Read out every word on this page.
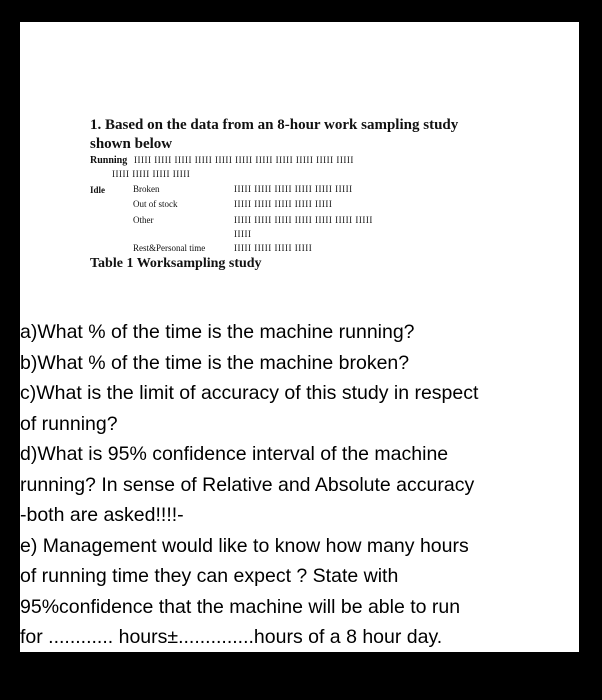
1. Based on the data from an 8-hour work sampling study
shown below
Running IIIII IIIII IIIII IIIII IIIII IIIII IIIII IIIII IIIII IIIII IIIII
IIIII IIIII IIIII IIIII
Idle	Broken
Out of stock
Other
Rest&Personal time
IIIII IIIII IIIII IIIII IIIII IIIII
IIIII IIIII IIIII IIIII IIIII
IIIII IIIII IIIII IIIII IIIII IIIII IIIII
IIIII
IIIII IIIII IIIII IIIII
Table 1 Worksampling study
a)What % of the time is the machine running?
b)What % of the time is the machine broken?
c)What is the limit of accuracy of this study in respect
of running?
d)What is 95% confidence interval of the machine
running? In sense of Relative and Absolute accuracy
-both are asked!!!!-
e) Management would like to know how many hours
of running time they can expect ? State with
95%confidence that the machine will be able to run
for ............ hours±..............hours of a 8 hour day.
